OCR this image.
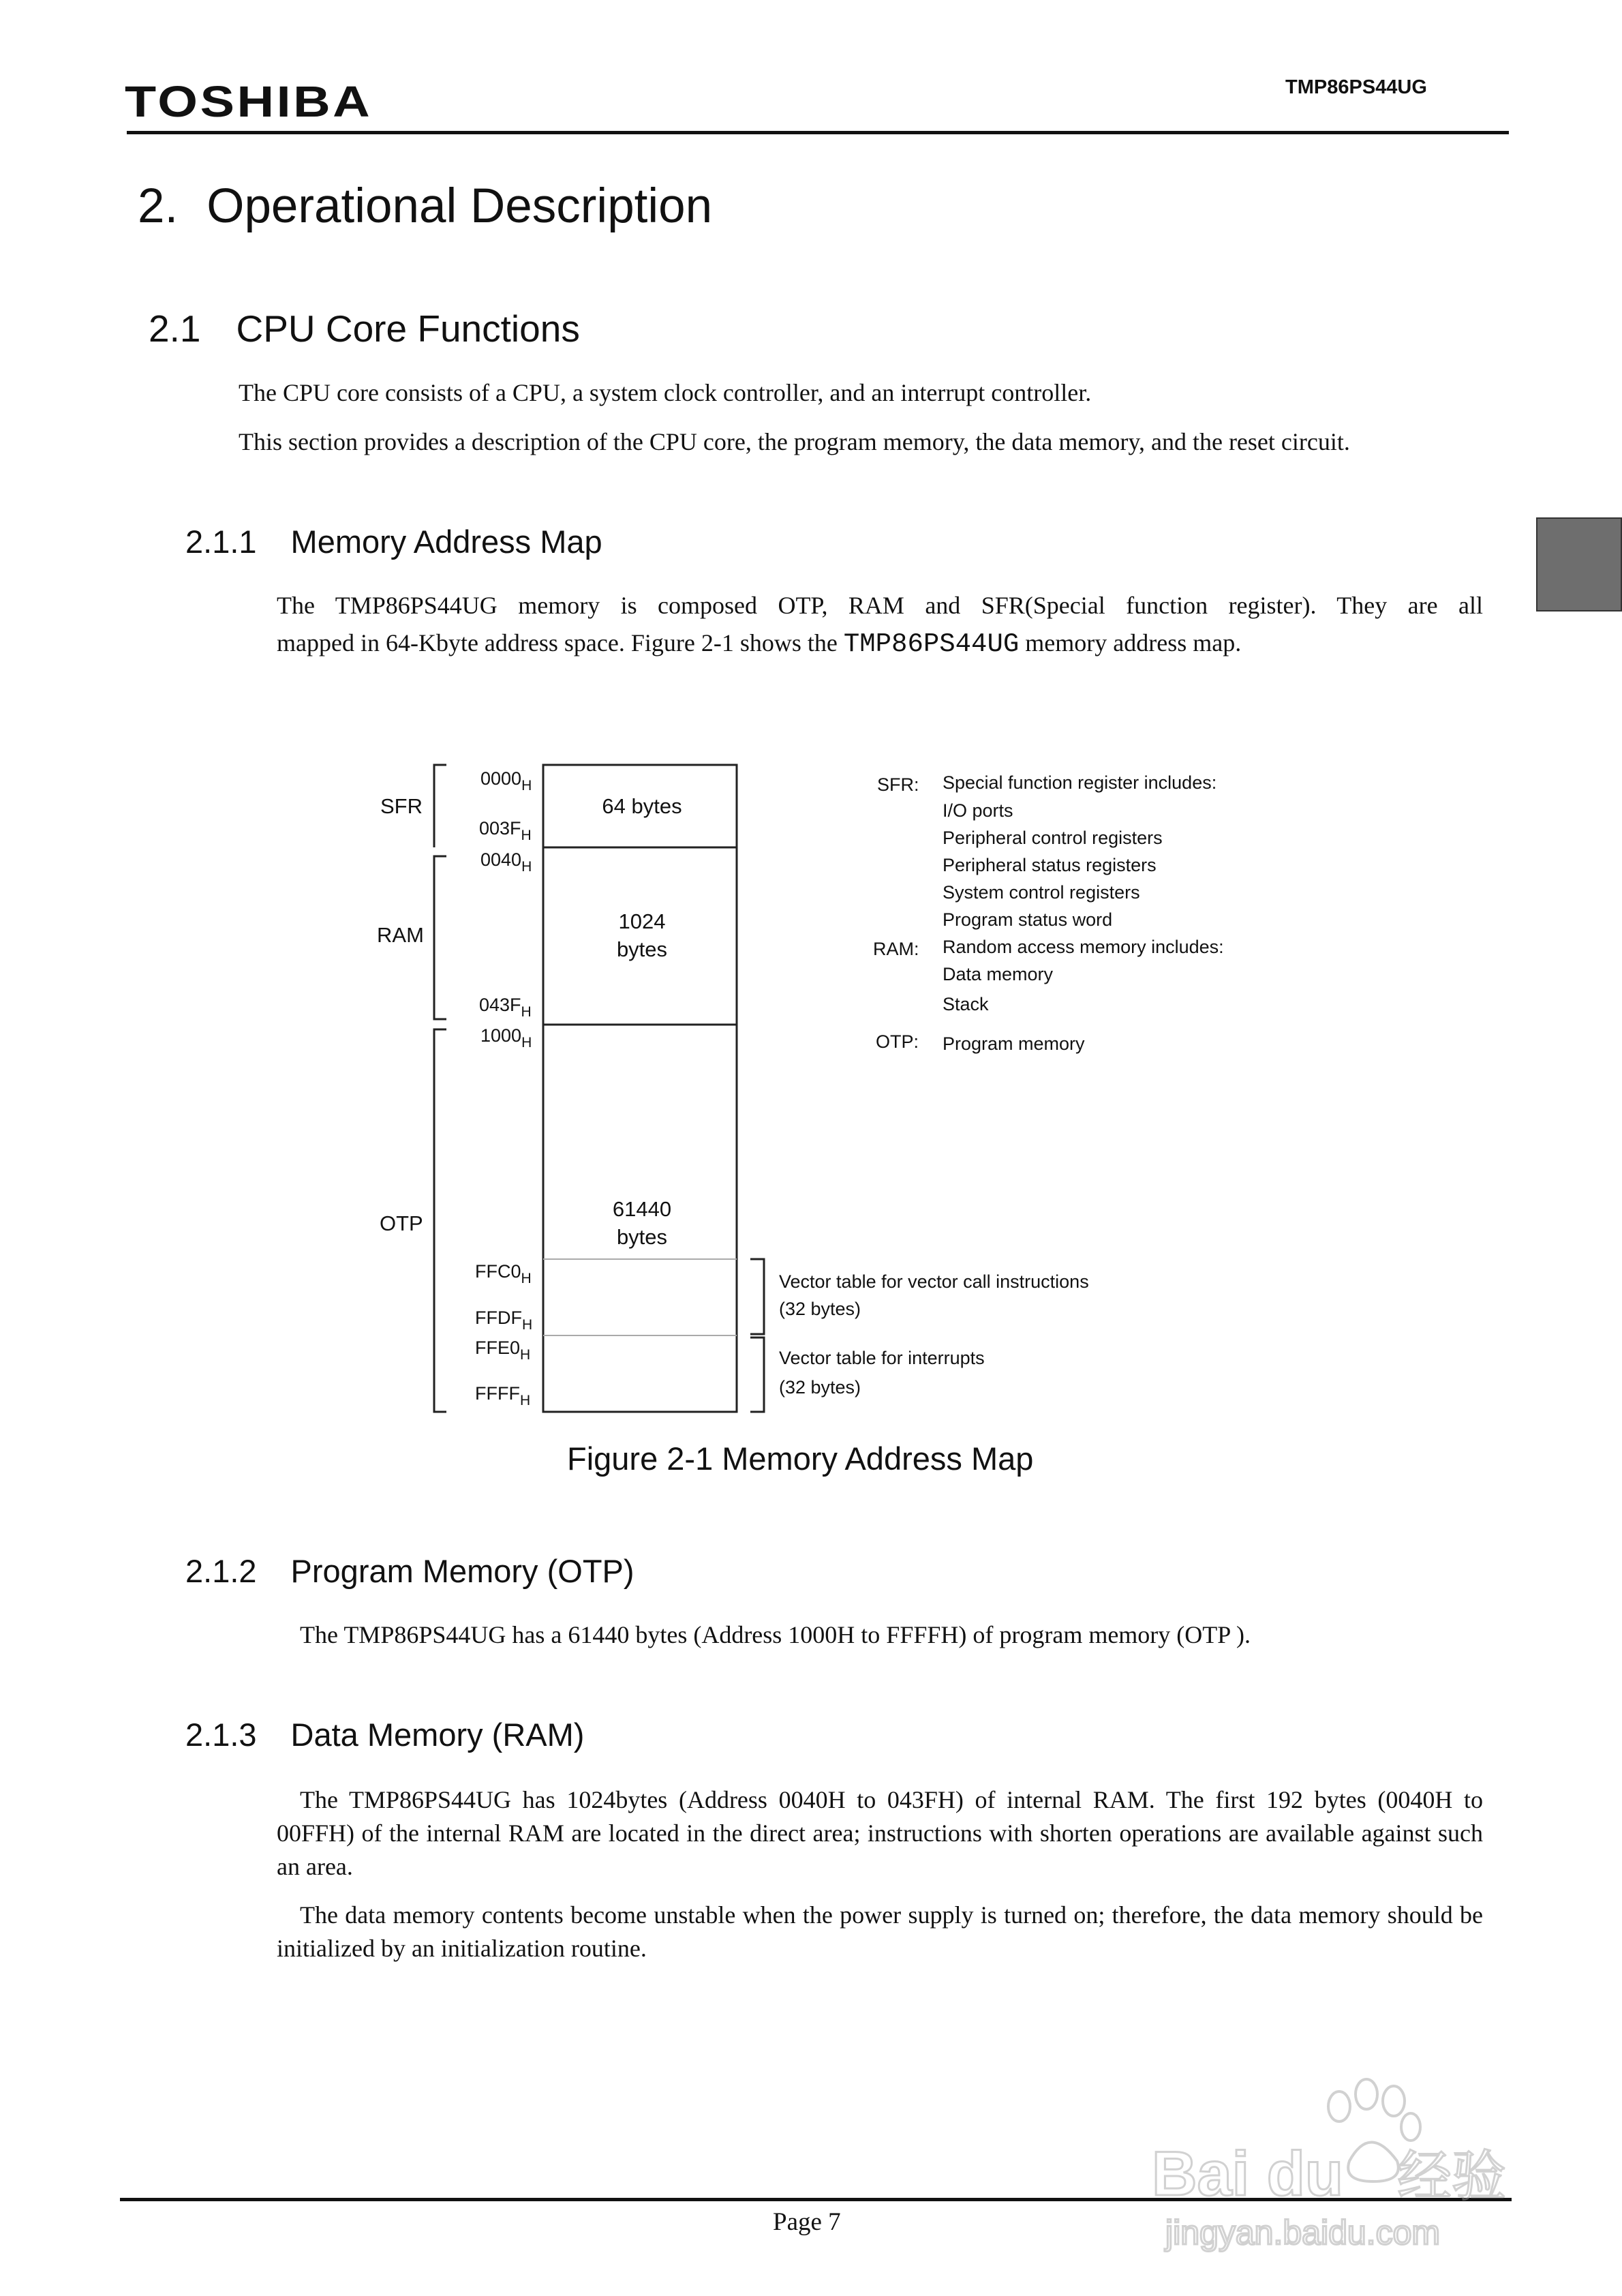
TOSHIBA	TMP86PS44UG
2. Operational Description
2.1 CPU Core Functions
The CPU core consists of a CPU, a system clock controller, and an interrupt controller.
This section provides a description of the CPU core, the program memory, the data memory, and the reset circuit.
2.1.1 Memory Address Map
The TMP86PS44UG memory is composed OTP, RAM and SFR(Special function register). They are all
mapped in 64-Kbyte address space. Figure 2-1 shows the TMP86PS44UG memory address map.
SFR
RAM
OTP
$0000_H$
$003F_H$
$0040_H$
$043F_H$
$1000_H$
$FFC0_H$
$FFDF_H$
$FFE0_H$
$FFFF_H$
64 bytes
1024
bytes
61440
bytes
SFR: Special function register includes:
I/O ports
Peripheral control registers
Peripheral status registers
System control registers
Program status word
RAM: Random access memory includes:
Data memory
Stack
OTP: Program memory
Vector table for vector call instructions
(32 bytes)
Vector table for interrupts
(32 bytes)
Figure 2-1 Memory Address Map
2.1.2 Program Memory (OTP)
The TMP86PS44UG has a 61440 bytes (Address 1000H to FFFFH) of program memory (OTP ).
2.1.3 Data Memory (RAM)
The TMP86PS44UG has 1024bytes (Address 0040H to 043FH) of internal RAM. The first 192 bytes (0040H to 00FFH) of the internal RAM are located in the direct area; instructions with shorten operations are available against such an area.
The data memory contents become unstable when the power supply is turned on; therefore, the data memory should be initialized by an initialization routine.
Page 7
Bai du 经验
jingyan.baidu.com
